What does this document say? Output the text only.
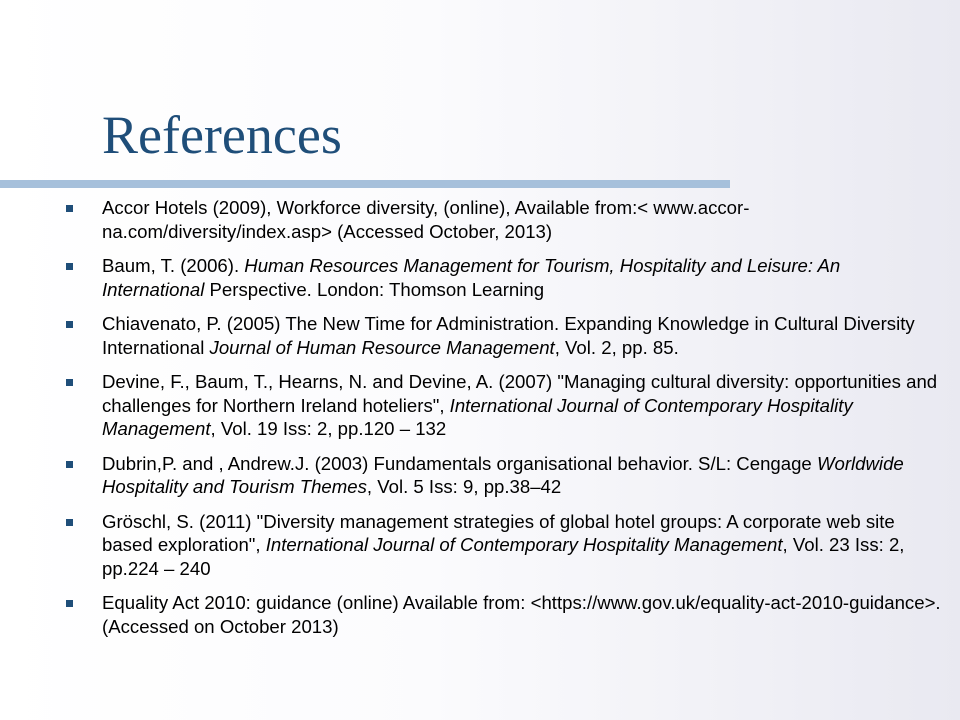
References
Accor Hotels (2009), Workforce diversity, (online), Available from:< www.accor-na.com/diversity/index.asp> (Accessed October, 2013)
Baum, T. (2006). Human Resources Management for Tourism, Hospitality and Leisure: An International Perspective. London: Thomson Learning
Chiavenato, P. (2005) The New Time for Administration. Expanding Knowledge in Cultural Diversity International Journal of Human Resource Management, Vol. 2, pp. 85.
Devine, F., Baum, T., Hearns, N. and Devine, A. (2007) "Managing cultural diversity: opportunities and challenges for Northern Ireland hoteliers", International Journal of Contemporary Hospitality Management, Vol. 19 Iss: 2, pp.120 – 132
Dubrin,P. and , Andrew.J. (2003) Fundamentals organisational behavior. S/L: Cengage Worldwide Hospitality and Tourism Themes, Vol. 5 Iss: 9, pp.38–42
Gröschl, S. (2011) "Diversity management strategies of global hotel groups: A corporate web site based exploration", International Journal of Contemporary Hospitality Management, Vol. 23 Iss: 2, pp.224 – 240
Equality Act 2010: guidance (online) Available from: <https://www.gov.uk/equality-act-2010-guidance>. (Accessed on October 2013)
